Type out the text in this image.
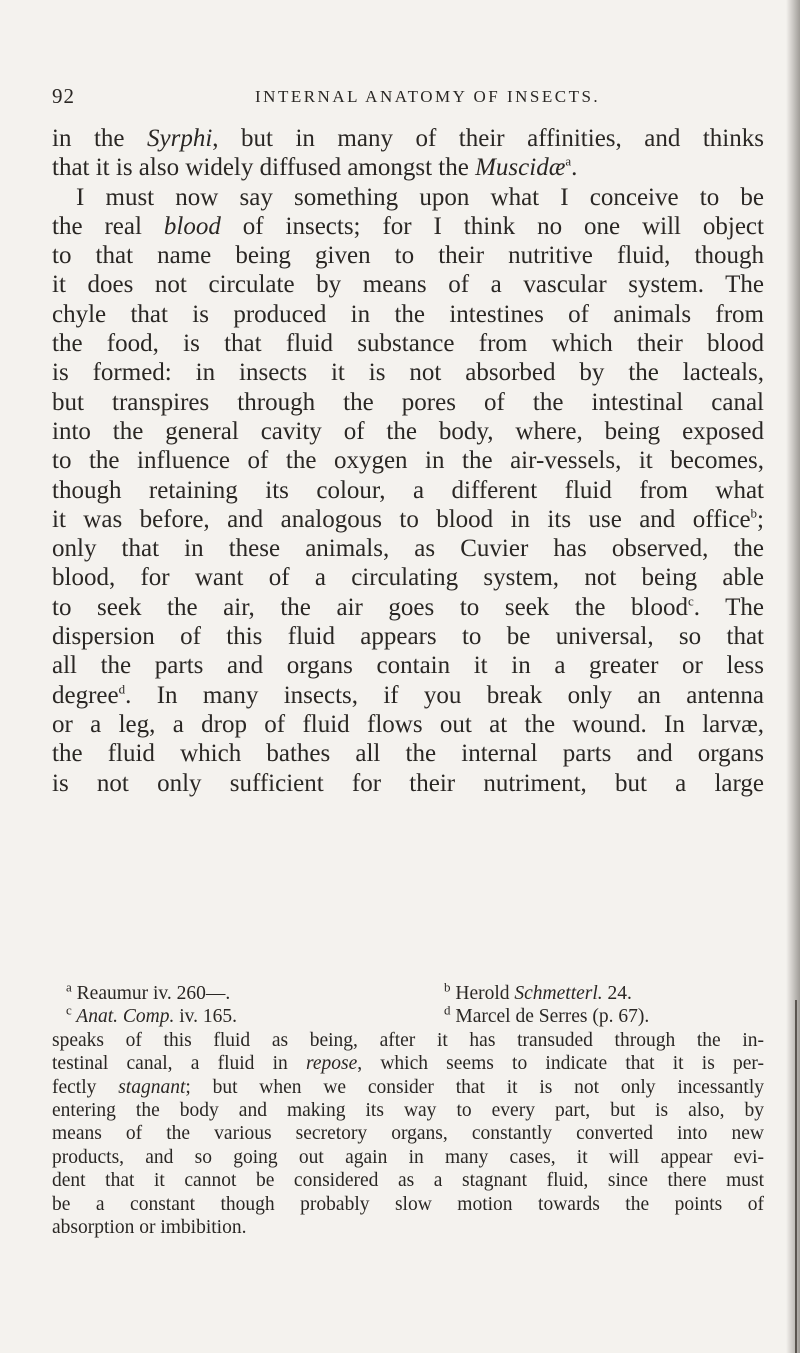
92	INTERNAL ANATOMY OF INSECTS.
in the Syrphi, but in many of their affinities, and thinks
that it is also widely diffused amongst the Muscidæ$^a$.
I must now say something upon what I conceive to be
the real blood of insects; for I think no one will object
to that name being given to their nutritive fluid, though
it does not circulate by means of a vascular system. The
chyle that is produced in the intestines of animals from
the food, is that fluid substance from which their blood
is formed: in insects it is not absorbed by the lacteals,
but transpires through the pores of the intestinal canal
into the general cavity of the body, where, being exposed
to the influence of the oxygen in the air-vessels, it becomes,
though retaining its colour, a different fluid from what
it was before, and analogous to blood in its use and office$^b$;
only that in these animals, as Cuvier has observed, the
blood, for want of a circulating system, not being able
to seek the air, the air goes to seek the blood$^c$. The
dispersion of this fluid appears to be universal, so that
all the parts and organs contain it in a greater or less
degree$^d$. In many insects, if you break only an antenna
or a leg, a drop of fluid flows out at the wound. In larvæ,
the fluid which bathes all the internal parts and organs
is not only sufficient for their nutriment, but a large
$^a$ Reaumur iv. 260—.	$^b$ Herold Schmetterl. 24.
$^c$ Anat. Comp. iv. 165.	$^d$ Marcel de Serres (p. 67).
speaks of this fluid as being, after it has transuded through the in-
testinal canal, a fluid in repose, which seems to indicate that it is per-
fectly stagnant; but when we consider that it is not only incessantly
entering the body and making its way to every part, but is also, by
means of the various secretory organs, constantly converted into new
products, and so going out again in many cases, it will appear evi-
dent that it cannot be considered as a stagnant fluid, since there must
be a constant though probably slow motion towards the points of
absorption or imbibition.
